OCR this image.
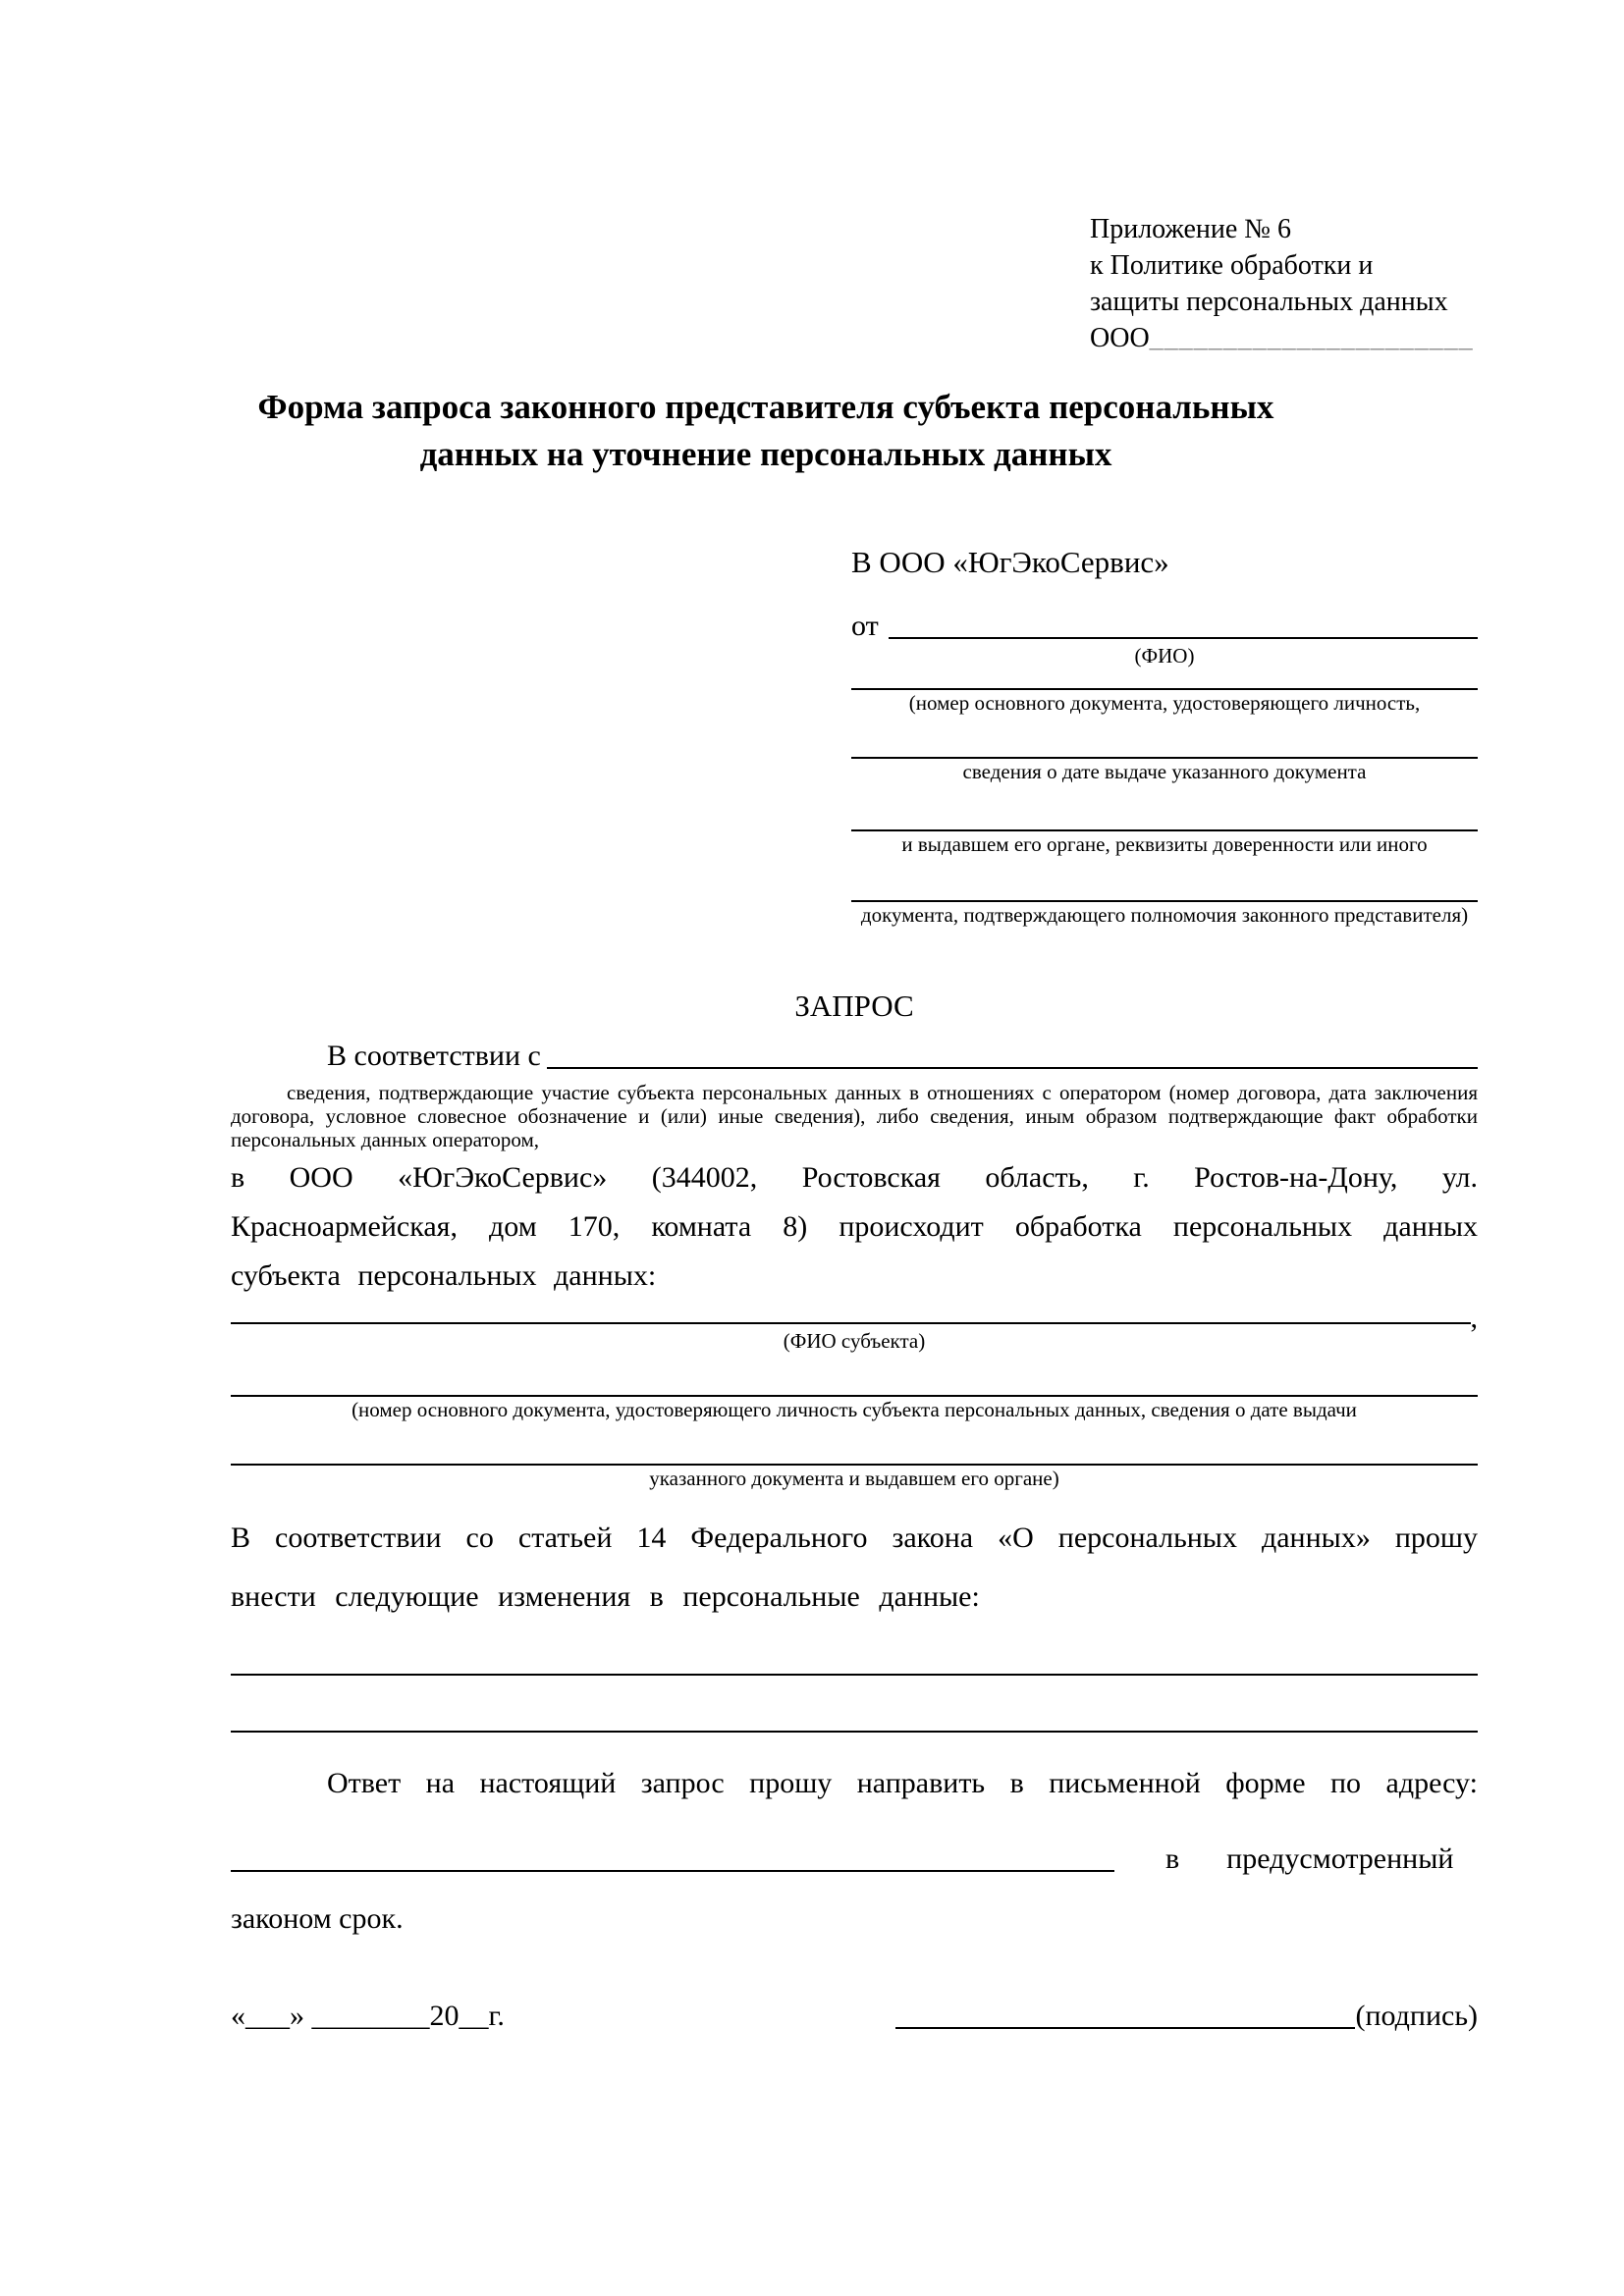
Приложение № 6
к Политике обработки и
защиты персональных данных
ООО______________________
Форма запроса законного представителя субъекта персональных
данных на уточнение персональных данных
В ООО «ЮгЭкоСервис»
от
(ФИО)
(номер основного документа, удостоверяющего личность,
сведения о дате выдаче указанного документа
и выдавшем его органе, реквизиты доверенности или иного
документа, подтверждающего полномочия законного представителя)
ЗАПРОС
В соответствии с
сведения, подтверждающие участие субъекта персональных данных в отношениях с оператором (номер договора, дата заключения договора, условное словесное обозначение и (или) иные сведения), либо сведения, иным образом подтверждающие факт обработки персональных данных оператором,
в ООО «ЮгЭкоСервис» (344002, Ростовская область, г. Ростов-на-Дону, ул. Красноармейская, дом 170, комната 8) происходит обработка персональных данных субъекта персональных данных:
,
(ФИО субъекта)
(номер основного документа, удостоверяющего личность субъекта персональных данных, сведения о дате выдачи
указанного документа и выдавшем его органе)
В соответствии со статьей 14 Федерального закона «О персональных данных» прошу внести следующие изменения в персональные данные:
Ответ на настоящий запрос прошу направить в письменной форме по адресу:
в предусмотренный
законом срок.
«___» ________20__г.	(подпись)
